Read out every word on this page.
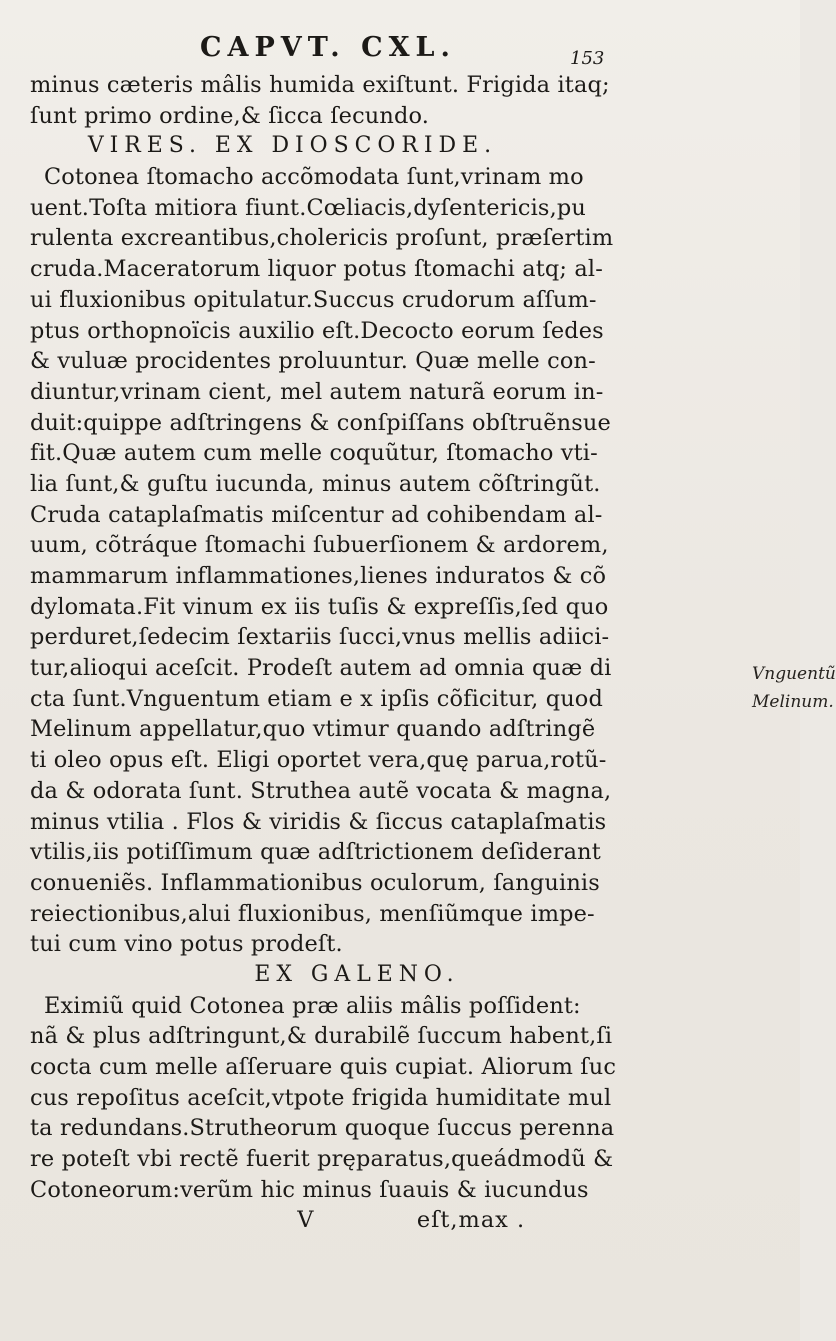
CAPVT. CXL.	153
minus cæteris mâlis humida exiſtunt. Frigida itaq;
ſunt primo ordine,& ſicca ſecundo.
VIRES. EX DIOSCORIDE.
Cotonea ſtomacho accõmodata ſunt,vrinam mo
uent.Toſta mitiora fiunt.Cœliacis,dyſentericis,pu
rulenta excreantibus,cholericis proſunt, præſertim
cruda.Maceratorum liquor potus ſtomachi atq; al-
ui fluxionibus opitulatur.Succus crudorum aſſum-
ptus orthopnoïcis auxilio eſt.Decocto eorum ſedes
& vuluæ procidentes proluuntur. Quæ melle con-
diuntur,vrinam cient, mel autem naturã eorum in-
duit:quippe adſtringens & conſpiſſans obſtruẽnsue
fit.Quæ autem cum melle coquũtur, ſtomacho vti-
lia ſunt,& guſtu iucunda, minus autem cõſtringũt.
Cruda cataplaſmatis miſcentur ad cohibendam al-
uum, cõtráque ſtomachi ſubuerſionem & ardorem,
mammarum inflammationes,lienes induratos & cõ
dylomata.Fit vinum ex iis tuſis & expreſſis,ſed quo
perduret,ſedecim ſextariis ſucci,vnus mellis adiici-
tur,alioqui aceſcit. Prodeſt autem ad omnia quæ di
cta ſunt.Vnguentum etiam e x ipſis cõficitur, quod
Melinum appellatur,quo vtimur quando adſtringẽ
ti oleo opus eſt. Eligi oportet vera,quę parua,rotũ-
da & odorata ſunt. Struthea autẽ vocata & magna,
minus vtilia . Flos & viridis & ſiccus cataplaſmatis
vtilis,iis potiſſimum quæ adſtrictionem deſiderant
conueniẽs. Inflammationibus oculorum, ſanguinis
reiectionibus,alui fluxionibus, menſiũmque impe-
tui cum vino potus prodeſt.
EX GALENO.
Eximiũ quid Cotonea præ aliis mâlis poſſident:
nã & plus adſtringunt,& durabilẽ ſuccum habent,ſi
cocta cum melle aſſeruare quis cupiat. Aliorum ſuc
cus repoſitus aceſcit,vtpote frigida humiditate mul
ta redundans.Strutheorum quoque ſuccus perenna
re poteſt vbi rectẽ fuerit pręparatus,queádmodũ &
Cotoneorum:verũm hic minus ſuauis & iucundus
V	eſt,max .
Vnguentũ
Melinum.
